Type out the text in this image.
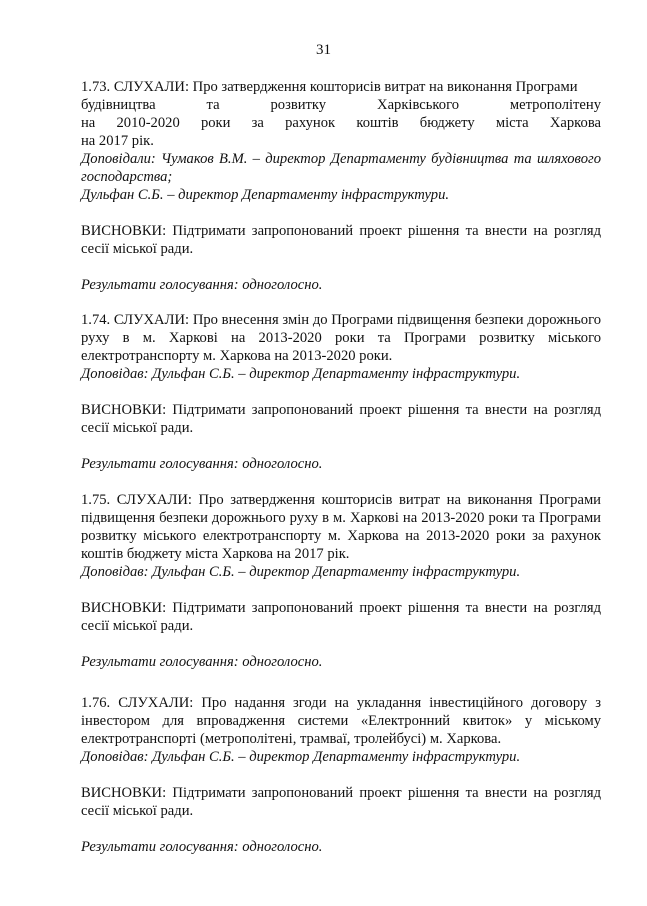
31
1.73. СЛУХАЛИ: Про затвердження кошторисів витрат на виконання Програми
будівництва та розвитку Харківського метрополітену
на 2010-2020 роки за рахунок коштів бюджету міста Харкова
на 2017 рік.

Доповідали: Чумаков В.М. – директор Департаменту будівництва та шляхового господарства;

Дульфан С.Б. – директор Департаменту інфраструктури.

ВИСНОВКИ: Підтримати запропонований проект рішення та внести на розгляд сесії міської ради.

Результати голосування: одноголосно.

1.74. СЛУХАЛИ: Про внесення змін до Програми підвищення безпеки дорожнього руху в м. Харкові на 2013-2020 роки та Програми розвитку міського електротранспорту м. Харкова на 2013-2020 роки.

Доповідав: Дульфан С.Б. – директор Департаменту інфраструктури.

ВИСНОВКИ: Підтримати запропонований проект рішення та внести на розгляд сесії міської ради.

Результати голосування: одноголосно.

1.75. СЛУХАЛИ: Про затвердження кошторисів витрат на виконання Програми підвищення безпеки дорожнього руху в м. Харкові на 2013-2020 роки та Програми розвитку міського електротранспорту м. Харкова на 2013-2020 роки за рахунок коштів бюджету міста Харкова на 2017 рік.

Доповідав: Дульфан С.Б. – директор Департаменту інфраструктури.

ВИСНОВКИ: Підтримати запропонований проект рішення та внести на розгляд сесії міської ради.

Результати голосування: одноголосно.

1.76. СЛУХАЛИ: Про надання згоди на укладання інвестиційного договору з інвестором для впровадження системи «Електронний квиток» у міському електротранспорті (метрополітені, трамваї, тролейбусі) м. Харкова.

Доповідав: Дульфан С.Б. – директор Департаменту інфраструктури.

ВИСНОВКИ: Підтримати запропонований проект рішення та внести на розгляд сесії міської ради.

Результати голосування: одноголосно.
